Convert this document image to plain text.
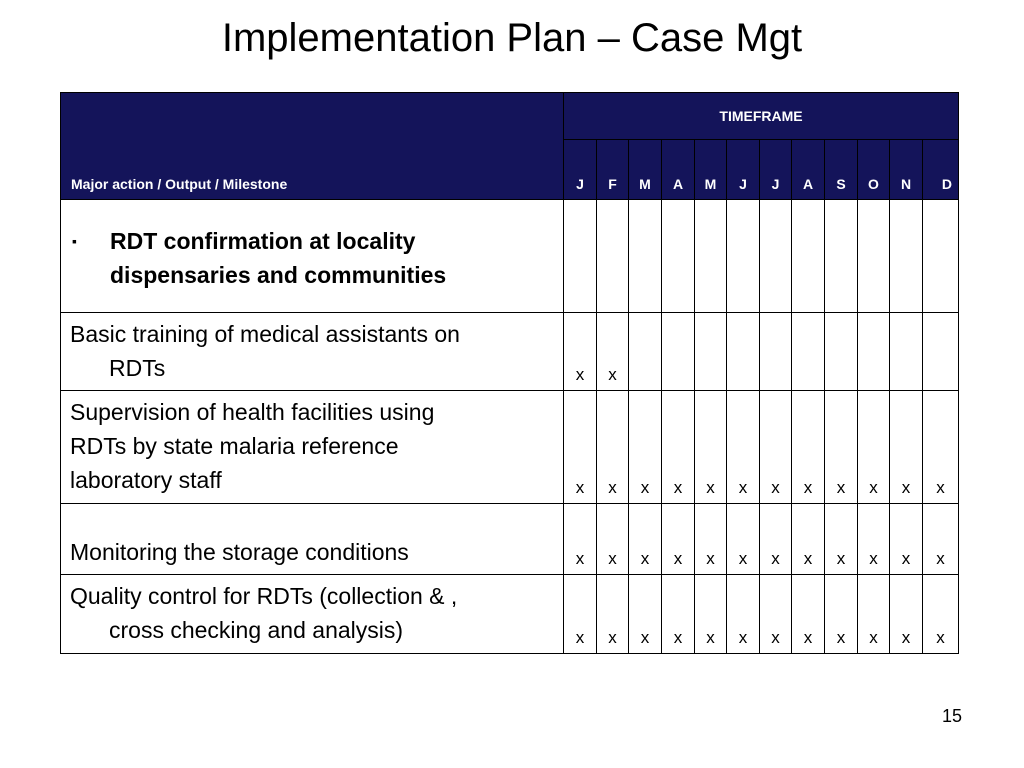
Implementation Plan – Case Mgt
Major action / Output / Milestone	TIMEFRAME											
	J	F	M	A	M	J	J	A	S	O	N	D

▪ RDT confirmation at locality
dispensaries and communities												

Basic training of medical assistants on
RDTs	x	x										

Supervision of health facilities using
RDTs by state malaria reference
laboratory staff	x	x	x	x	x	x	x	x	x	x	x	x

Monitoring the storage conditions	x	x	x	x	x	x	x	x	x	x	x	x

Quality control for RDTs (collection & ,
cross checking and analysis)	x	x	x	x	x	x	x	x	x	x	x	x
15
